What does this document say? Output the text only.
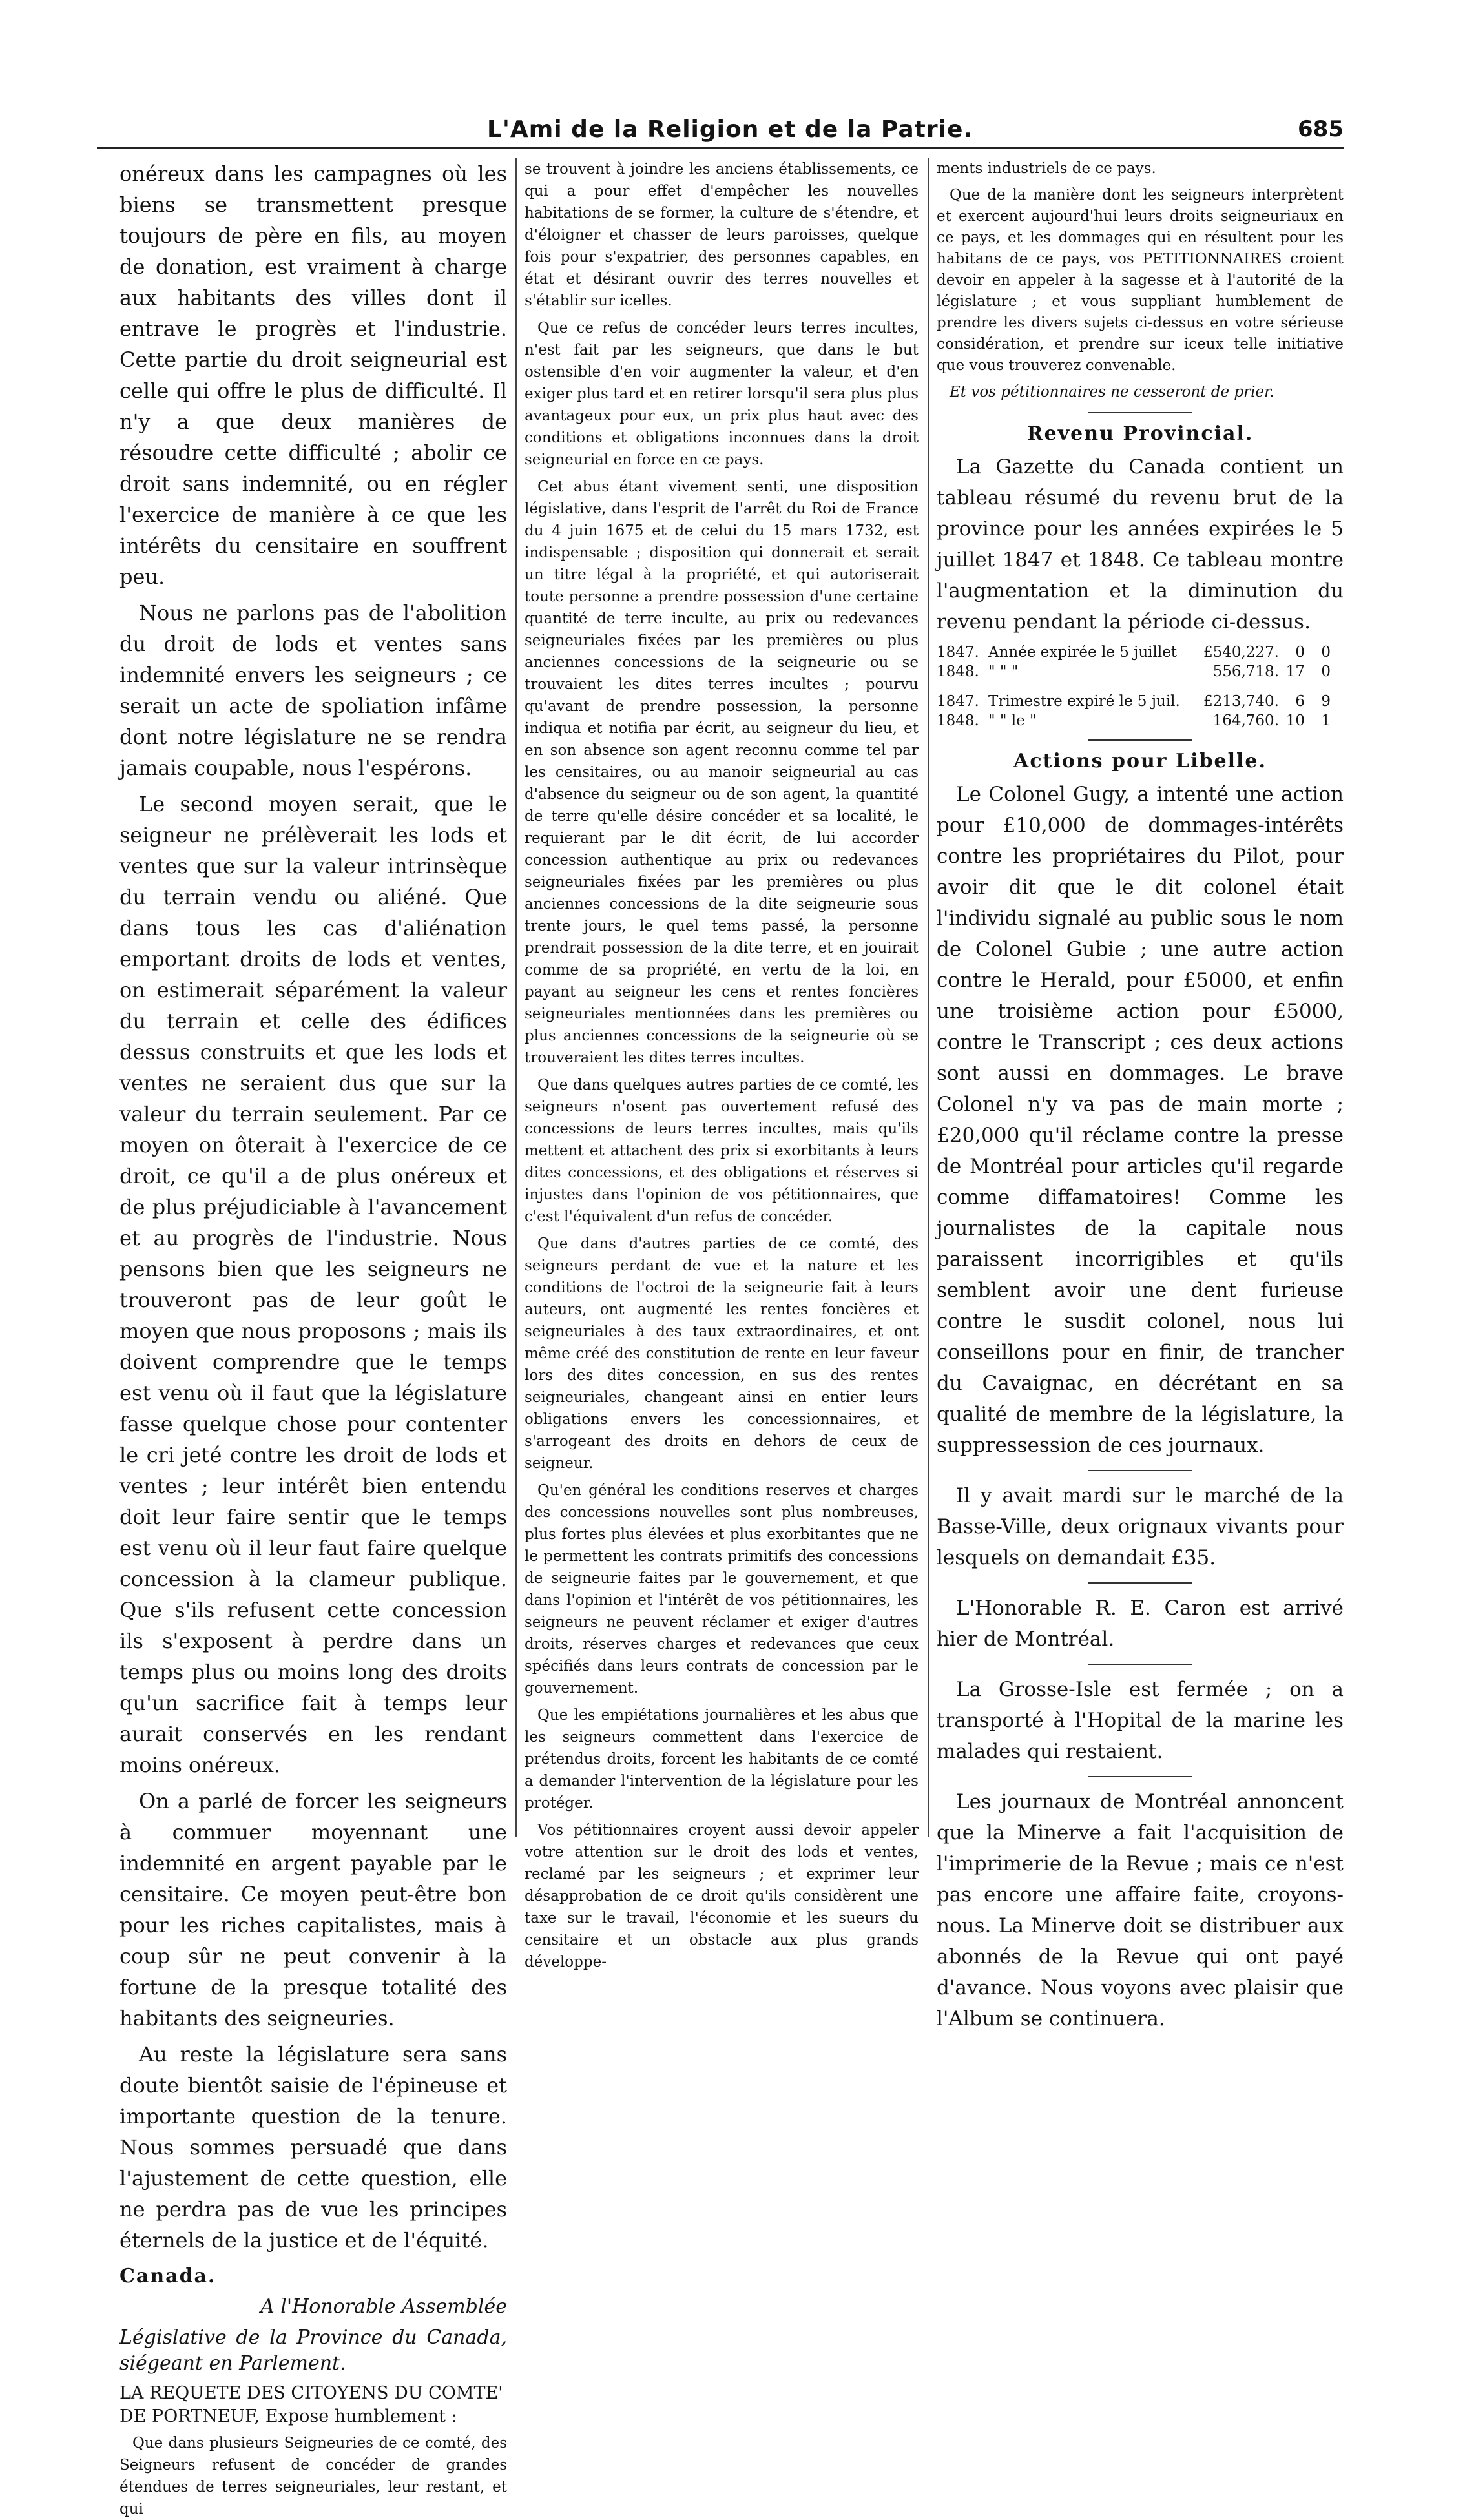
L'Ami de la Religion et de la Patrie.	685

onéreux dans les campagnes où les biens se transmettent presque toujours de père en fils, au moyen de donation, est vraiment à charge aux habitants des villes dont il entrave le progrès et l'industrie. Cette partie du droit seigneurial est celle qui offre le plus de difficulté. Il n'y a que deux manières de résoudre cette difficulté ; abolir ce droit sans indemnité, ou en régler l'exercice de manière à ce que les intérêts du censitaire en souffrent peu.

Nous ne parlons pas de l'abolition du droit de lods et ventes sans indemnité envers les seigneurs ; ce serait un acte de spoliation infâme dont notre législature ne se rendra jamais coupable, nous l'espérons.

Le second moyen serait, que le seigneur ne prélèverait les lods et ventes que sur la valeur intrinsèque du terrain vendu ou aliéné. Que dans tous les cas d'aliénation emportant droits de lods et ventes, on estimerait séparément la valeur du terrain et celle des édifices dessus construits et que les lods et ventes ne seraient dus que sur la valeur du terrain seulement. Par ce moyen on ôterait à l'exercice de ce droit, ce qu'il a de plus onéreux et de plus préjudiciable à l'avancement et au progrès de l'industrie. Nous pensons bien que les seigneurs ne trouveront pas de leur goût le moyen que nous proposons ; mais ils doivent comprendre que le temps est venu où il faut que la législature fasse quelque chose pour contenter le cri jeté contre les droit de lods et ventes ; leur intérêt bien entendu doit leur faire sentir que le temps est venu où il leur faut faire quelque concession à la clameur publique. Que s'ils refusent cette concession ils s'exposent à perdre dans un temps plus ou moins long des droits qu'un sacrifice fait à temps leur aurait conservés en les rendant moins onéreux.

On a parlé de forcer les seigneurs à commuer moyennant une indemnité en argent payable par le censitaire. Ce moyen peut-être bon pour les riches capitalistes, mais à coup sûr ne peut convenir à la fortune de la presque totalité des habitants des seigneuries.

Au reste la législature sera sans doute bientôt saisie de l'épineuse et importante question de la tenure. Nous sommes persuadé que dans l'ajustement de cette question, elle ne perdra pas de vue les principes éternels de la justice et de l'équité.

Canada.
A l'Honorable Assemblée
Législative de la Province du Canada, siégeant en Parlement.
LA REQUETE DES CITOYENS DU COMTE' DE PORTNEUF, Expose humblement :

Que dans plusieurs Seigneuries de ce comté, des Seigneurs refusent de concéder de grandes étendues de terres seigneuriales, leur restant, et qui

se trouvent à joindre les anciens établissements, ce qui a pour effet d'empêcher les nouvelles habitations de se former, la culture de s'étendre, et d'éloigner et chasser de leurs paroisses, quelque fois pour s'expatrier, des personnes capables, en état et désirant ouvrir des terres nouvelles et s'établir sur icelles.

Que ce refus de concéder leurs terres incultes, n'est fait par les seigneurs, que dans le but ostensible d'en voir augmenter la valeur, et d'en exiger plus tard et en retirer lorsqu'il sera plus plus avantageux pour eux, un prix plus haut avec des conditions et obligations inconnues dans la droit seigneurial en force en ce pays.

Cet abus étant vivement senti, une disposition législative, dans l'esprit de l'arrêt du Roi de France du 4 juin 1675 et de celui du 15 mars 1732, est indispensable ; disposition qui donnerait et serait un titre légal à la propriété, et qui autoriserait toute personne a prendre possession d'une certaine quantité de terre inculte, au prix ou redevances seigneuriales fixées par les premières ou plus anciennes concessions de la seigneurie ou se trouvaient les dites terres incultes ; pourvu qu'avant de prendre possession, la personne indiqua et notifia par écrit, au seigneur du lieu, et en son absence son agent reconnu comme tel par les censitaires, ou au manoir seigneurial au cas d'absence du seigneur ou de son agent, la quantité de terre qu'elle désire concéder et sa localité, le requierant par le dit écrit, de lui accorder concession authentique au prix ou redevances seigneuriales fixées par les premières ou plus anciennes concessions de la dite seigneurie sous trente jours, le quel tems passé, la personne prendrait possession de la dite terre, et en jouirait comme de sa propriété, en vertu de la loi, en payant au seigneur les cens et rentes foncières seigneuriales mentionnées dans les premières ou plus anciennes concessions de la seigneurie où se trouveraient les dites terres incultes.

Que dans quelques autres parties de ce comté, les seigneurs n'osent pas ouvertement refusé des concessions de leurs terres incultes, mais qu'ils mettent et attachent des prix si exorbitants à leurs dites concessions, et des obligations et réserves si injustes dans l'opinion de vos pétitionnaires, que c'est l'équivalent d'un refus de concéder.

Que dans d'autres parties de ce comté, des seigneurs perdant de vue et la nature et les conditions de l'octroi de la seigneurie fait à leurs auteurs, ont augmenté les rentes foncières et seigneuriales à des taux extraordinaires, et ont même créé des constitution de rente en leur faveur lors des dites concession, en sus des rentes seigneuriales, changeant ainsi en entier leurs obligations envers les concessionnaires, et s'arrogeant des droits en dehors de ceux de seigneur.

Qu'en général les conditions reserves et charges des concessions nouvelles sont plus nombreuses, plus fortes plus élevées et plus exorbitantes que ne le permettent les contrats primitifs des concessions de seigneurie faites par le gouvernement, et que dans l'opinion et l'intérêt de vos pétitionnaires, les seigneurs ne peuvent réclamer et exiger d'autres droits, réserves charges et redevances que ceux spécifiés dans leurs contrats de concession par le gouvernement.

Que les empiétations journalières et les abus que les seigneurs commettent dans l'exercice de prétendus droits, forcent les habitants de ce comté a demander l'intervention de la législature pour les protéger.

Vos pétitionnaires croyent aussi devoir appeler votre attention sur le droit des lods et ventes, reclamé par les seigneurs ; et exprimer leur désapprobation de ce droit qu'ils considèrent une taxe sur le travail, l'économie et les sueurs du censitaire et un obstacle aux plus grands développe-

ments industriels de ce pays.

Que de la manière dont les seigneurs interprètent et exercent aujourd'hui leurs droits seigneuriaux en ce pays, et les dommages qui en résultent pour les habitans de ce pays, vos PETITIONNAIRES croient devoir en appeler à la sagesse et à l'autorité de la législature ; et vous suppliant humblement de prendre les divers sujets ci-dessus en votre sérieuse considération, et prendre sur iceux telle initiative que vous trouverez convenable.

Et vos pétitionnaires ne cesseront de prier.
Revenu Provincial.

La Gazette du Canada contient un tableau résumé du revenu brut de la province pour les années expirées le 5 juillet 1847 et 1848. Ce tableau montre l'augmentation et la diminution du revenu pendant la période ci-dessus.

1847. Année expirée le 5 juillet	£540,227.	0	0
1848. " " "	556,718. 17	0
1847. Trimestre expiré le 5 juil.	£213,740.	6	9
1848. " " le "	164,760. 10	1
Actions pour Libelle.

Le Colonel Gugy, a intenté une action pour £10,000 de dommages-intérêts contre les propriétaires du Pilot, pour avoir dit que le dit colonel était l'individu signalé au public sous le nom de Colonel Gubie ; une autre action contre le Herald, pour £5000, et enfin une troisième action pour £5000, contre le Transcript ; ces deux actions sont aussi en dommages. Le brave Colonel n'y va pas de main morte ; £20,000 qu'il réclame contre la presse de Montréal pour articles qu'il regarde comme diffamatoires! Comme les journalistes de la capitale nous paraissent incorrigibles et qu'ils semblent avoir une dent furieuse contre le susdit colonel, nous lui conseillons pour en finir, de trancher du Cavaignac, en décrétant en sa qualité de membre de la législature, la suppressession de ces journaux.

Il y avait mardi sur le marché de la Basse-Ville, deux orignaux vivants pour lesquels on demandait £35.

L'Honorable R. E. Caron est arrivé hier de Montréal.

La Grosse-Isle est fermée ; on a transporté à l'Hopital de la marine les malades qui restaient.

Les journaux de Montréal annoncent que la Minerve a fait l'acquisition de l'imprimerie de la Revue ; mais ce n'est pas encore une affaire faite, croyons-nous. La Minerve doit se distribuer aux abonnés de la Revue qui ont payé d'avance. Nous voyons avec plaisir que l'Album se continuera.
